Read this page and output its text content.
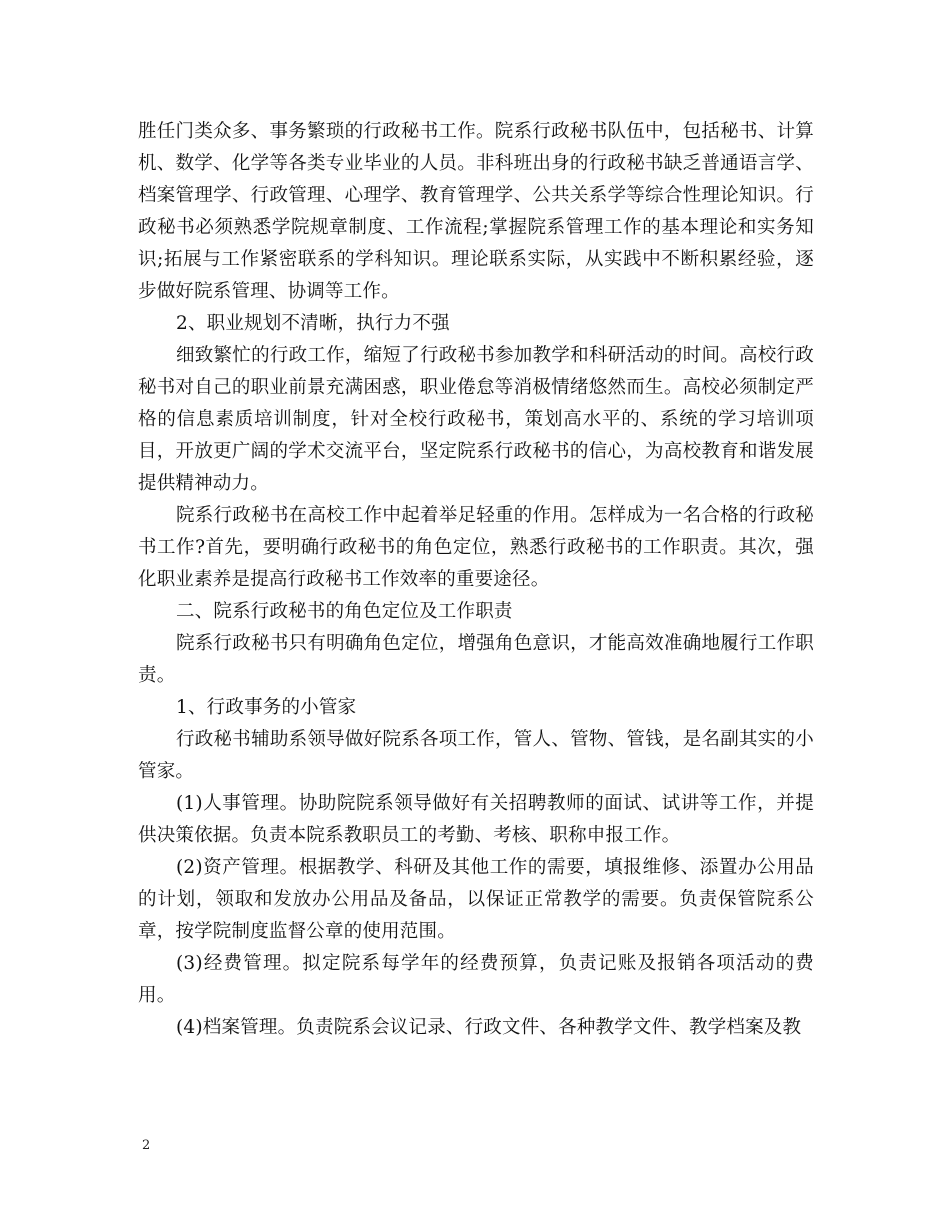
胜任门类众多、事务繁琐的行政秘书工作。院系行政秘书队伍中，包括秘书、计算机、数学、化学等各类专业毕业的人员。非科班出身的行政秘书缺乏普通语言学、档案管理学、行政管理、心理学、教育管理学、公共关系学等综合性理论知识。行政秘书必须熟悉学院规章制度、工作流程;掌握院系管理工作的基本理论和实务知识;拓展与工作紧密联系的学科知识。理论联系实际，从实践中不断积累经验，逐步做好院系管理、协调等工作。

2、职业规划不清晰，执行力不强

细致繁忙的行政工作，缩短了行政秘书参加教学和科研活动的时间。高校行政秘书对自己的职业前景充满困惑，职业倦怠等消极情绪悠然而生。高校必须制定严格的信息素质培训制度，针对全校行政秘书，策划高水平的、系统的学习培训项目，开放更广阔的学术交流平台，坚定院系行政秘书的信心，为高校教育和谐发展提供精神动力。

院系行政秘书在高校工作中起着举足轻重的作用。怎样成为一名合格的行政秘书工作?首先，要明确行政秘书的角色定位，熟悉行政秘书的工作职责。其次，强化职业素养是提高行政秘书工作效率的重要途径。

二、院系行政秘书的角色定位及工作职责

院系行政秘书只有明确角色定位，增强角色意识，才能高效准确地履行工作职责。

1、行政事务的小管家

行政秘书辅助系领导做好院系各项工作，管人、管物、管钱，是名副其实的小管家。

(1)人事管理。协助院院系领导做好有关招聘教师的面试、试讲等工作，并提供决策依据。负责本院系教职员工的考勤、考核、职称申报工作。

(2)资产管理。根据教学、科研及其他工作的需要，填报维修、添置办公用品的计划，领取和发放办公用品及备品，以保证正常教学的需要。负责保管院系公章，按学院制度监督公章的使用范围。

(3)经费管理。拟定院系每学年的经费预算，负责记账及报销各项活动的费用。

(4)档案管理。负责院系会议记录、行政文件、各种教学文件、教学档案及教

2
